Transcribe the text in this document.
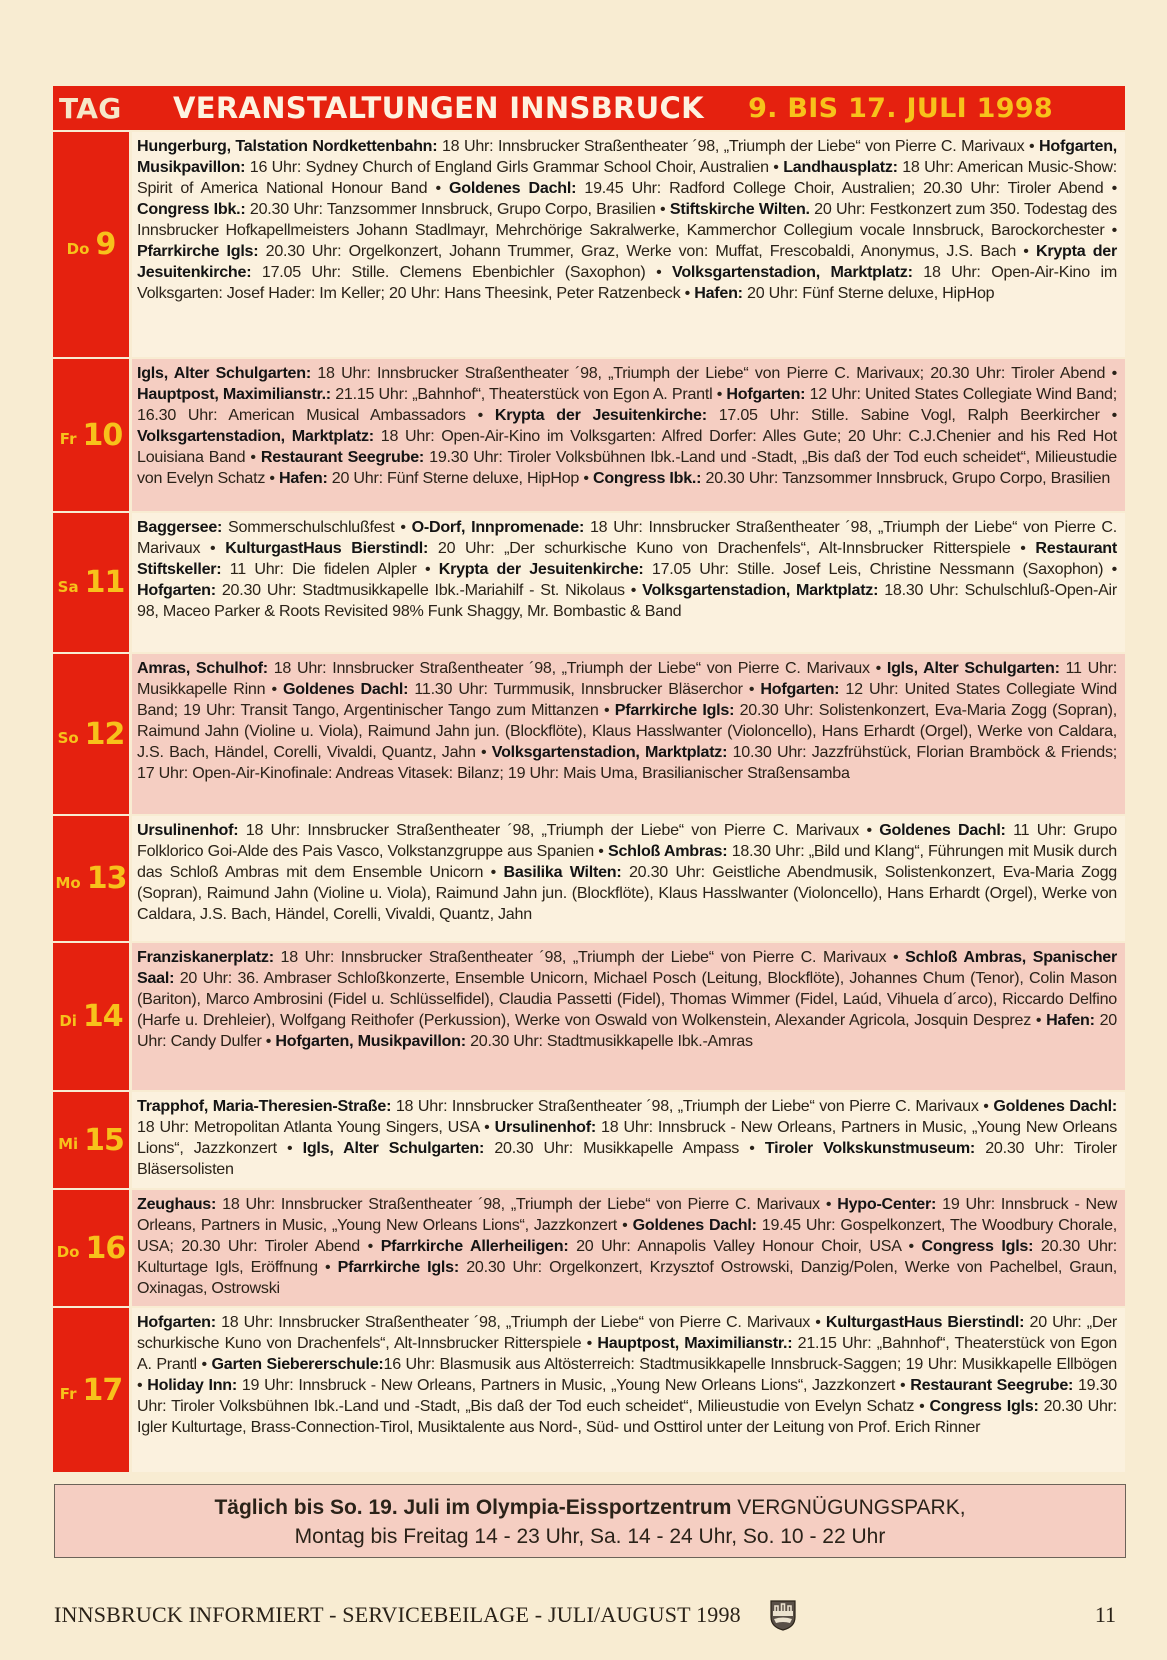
TAG	VERANSTALTUNGEN INNSBRUCK	9. BIS 17. JULI 1998
Do 9
Hungerburg, Talstation Nordkettenbahn: 18 Uhr: Innsbrucker Straßentheater ´98, „Triumph der Liebe“ von Pierre C. Marivaux • Hofgarten, Musikpavillon: 16 Uhr: Sydney Church of England Girls Grammar School Choir, Australien • Landhausplatz: 18 Uhr: American Music-Show: Spirit of America National Honour Band • Goldenes Dachl: 19.45 Uhr: Radford College Choir, Australien; 20.30 Uhr: Tiroler Abend • Congress Ibk.: 20.30 Uhr: Tanzsommer Innsbruck, Grupo Corpo, Brasilien • Stiftskirche Wilten. 20 Uhr: Festkonzert zum 350. Todestag des Innsbrucker Hofkapellmeisters Johann Stadlmayr, Mehrchörige Sakralwerke, Kammerchor Collegium vocale Innsbruck, Barockorchester • Pfarrkirche Igls: 20.30 Uhr: Orgelkonzert, Johann Trummer, Graz, Werke von: Muffat, Frescobaldi, Anonymus, J.S. Bach • Krypta der Jesuitenkirche: 17.05 Uhr: Stille. Clemens Ebenbichler (Saxophon) • Volksgartenstadion, Marktplatz: 18 Uhr: Open-Air-Kino im Volksgarten: Josef Hader: Im Keller; 20 Uhr: Hans Theesink, Peter Ratzenbeck • Hafen: 20 Uhr: Fünf Sterne deluxe, HipHop
Fr 10
Igls, Alter Schulgarten: 18 Uhr: Innsbrucker Straßentheater ´98, „Triumph der Liebe“ von Pierre C. Marivaux; 20.30 Uhr: Tiroler Abend • Hauptpost, Maximilianstr.: 21.15 Uhr: „Bahnhof“, Theaterstück von Egon A. Prantl • Hofgarten: 12 Uhr: United States Collegiate Wind Band; 16.30 Uhr: American Musical Ambassadors • Krypta der Jesuitenkirche: 17.05 Uhr: Stille. Sabine Vogl, Ralph Beerkircher • Volksgartenstadion, Marktplatz: 18 Uhr: Open-Air-Kino im Volksgarten: Alfred Dorfer: Alles Gute; 20 Uhr: C.J.Chenier and his Red Hot Louisiana Band • Restaurant Seegrube: 19.30 Uhr: Tiroler Volksbühnen Ibk.-Land und -Stadt, „Bis daß der Tod euch scheidet“, Milieustudie von Evelyn Schatz • Hafen: 20 Uhr: Fünf Sterne deluxe, HipHop • Congress Ibk.: 20.30 Uhr: Tanzsommer Innsbruck, Grupo Corpo, Brasilien
Sa 11
Baggersee: Sommerschulschlußfest • O-Dorf, Innpromenade: 18 Uhr: Innsbrucker Straßentheater ´98, „Triumph der Liebe“ von Pierre C. Marivaux • KulturgastHaus Bierstindl: 20 Uhr: „Der schurkische Kuno von Drachenfels“, Alt-Innsbrucker Ritterspiele • Restaurant Stiftskeller: 11 Uhr: Die fidelen Alpler • Krypta der Jesuitenkirche: 17.05 Uhr: Stille. Josef Leis, Christine Nessmann (Saxophon) • Hofgarten: 20.30 Uhr: Stadtmusikkapelle Ibk.-Mariahilf - St. Nikolaus • Volksgartenstadion, Marktplatz: 18.30 Uhr: Schulschluß-Open-Air 98, Maceo Parker & Roots Revisited 98% Funk Shaggy, Mr. Bombastic & Band
So 12
Amras, Schulhof: 18 Uhr: Innsbrucker Straßentheater ´98, „Triumph der Liebe“ von Pierre C. Marivaux • Igls, Alter Schulgarten: 11 Uhr: Musikkapelle Rinn • Goldenes Dachl: 11.30 Uhr: Turmmusik, Innsbrucker Bläserchor • Hofgarten: 12 Uhr: United States Collegiate Wind Band; 19 Uhr: Transit Tango, Argentinischer Tango zum Mittanzen • Pfarrkirche Igls: 20.30 Uhr: Solistenkonzert, Eva-Maria Zogg (Sopran), Raimund Jahn (Violine u. Viola), Raimund Jahn jun. (Blockflöte), Klaus Hasslwanter (Violoncello), Hans Erhardt (Orgel), Werke von Caldara, J.S. Bach, Händel, Corelli, Vivaldi, Quantz, Jahn • Volksgartenstadion, Marktplatz: 10.30 Uhr: Jazzfrühstück, Florian Bramböck & Friends; 17 Uhr: Open-Air-Kinofinale: Andreas Vitasek: Bilanz; 19 Uhr: Mais Uma, Brasilianischer Straßensamba
Mo 13
Ursulinenhof: 18 Uhr: Innsbrucker Straßentheater ´98, „Triumph der Liebe“ von Pierre C. Marivaux • Goldenes Dachl: 11 Uhr: Grupo Folklorico Goi-Alde des Pais Vasco, Volkstanzgruppe aus Spanien • Schloß Ambras: 18.30 Uhr: „Bild und Klang“, Führungen mit Musik durch das Schloß Ambras mit dem Ensemble Unicorn • Basilika Wilten: 20.30 Uhr: Geistliche Abendmusik, Solistenkonzert, Eva-Maria Zogg (Sopran), Raimund Jahn (Violine u. Viola), Raimund Jahn jun. (Blockflöte), Klaus Hasslwanter (Violoncello), Hans Erhardt (Orgel), Werke von Caldara, J.S. Bach, Händel, Corelli, Vivaldi, Quantz, Jahn
Di 14
Franziskanerplatz: 18 Uhr: Innsbrucker Straßentheater ´98, „Triumph der Liebe“ von Pierre C. Marivaux • Schloß Ambras, Spanischer Saal: 20 Uhr: 36. Ambraser Schloßkonzerte, Ensemble Unicorn, Michael Posch (Leitung, Blockflöte), Johannes Chum (Tenor), Colin Mason (Bariton), Marco Ambrosini (Fidel u. Schlüsselfidel), Claudia Passetti (Fidel), Thomas Wimmer (Fidel, Laúd, Vihuela d´arco), Riccardo Delfino (Harfe u. Drehleier), Wolfgang Reithofer (Perkussion), Werke von Oswald von Wolkenstein, Alexander Agricola, Josquin Desprez • Hafen: 20 Uhr: Candy Dulfer • Hofgarten, Musikpavillon: 20.30 Uhr: Stadtmusikkapelle Ibk.-Amras
Mi 15
Trapphof, Maria-Theresien-Straße: 18 Uhr: Innsbrucker Straßentheater ´98, „Triumph der Liebe“ von Pierre C. Marivaux • Goldenes Dachl: 18 Uhr: Metropolitan Atlanta Young Singers, USA • Ursulinenhof: 18 Uhr: Innsbruck - New Orleans, Partners in Music, „Young New Orleans Lions“, Jazzkonzert • Igls, Alter Schulgarten: 20.30 Uhr: Musikkapelle Ampass • Tiroler Volkskunstmuseum: 20.30 Uhr: Tiroler Bläsersolisten
Do 16
Zeughaus: 18 Uhr: Innsbrucker Straßentheater ´98, „Triumph der Liebe“ von Pierre C. Marivaux • Hypo-Center: 19 Uhr: Innsbruck - New Orleans, Partners in Music, „Young New Orleans Lions“, Jazzkonzert • Goldenes Dachl: 19.45 Uhr: Gospelkonzert, The Woodbury Chorale, USA; 20.30 Uhr: Tiroler Abend • Pfarrkirche Allerheiligen: 20 Uhr: Annapolis Valley Honour Choir, USA • Congress Igls: 20.30 Uhr: Kulturtage Igls, Eröffnung • Pfarrkirche Igls: 20.30 Uhr: Orgelkonzert, Krzysztof Ostrowski, Danzig/Polen, Werke von Pachelbel, Graun, Oxinagas, Ostrowski
Fr 17
Hofgarten: 18 Uhr: Innsbrucker Straßentheater ´98, „Triumph der Liebe“ von Pierre C. Marivaux • KulturgastHaus Bierstindl: 20 Uhr: „Der schurkische Kuno von Drachenfels“, Alt-Innsbrucker Ritterspiele • Hauptpost, Maximilianstr.: 21.15 Uhr: „Bahnhof“, Theaterstück von Egon A. Prantl • Garten Siebererschule:16 Uhr: Blasmusik aus Altösterreich: Stadtmusikkapelle Innsbruck-Saggen; 19 Uhr: Musikkapelle Ellbögen • Holiday Inn: 19 Uhr: Innsbruck - New Orleans, Partners in Music, „Young New Orleans Lions“, Jazzkonzert • Restaurant Seegrube: 19.30 Uhr: Tiroler Volksbühnen Ibk.-Land und -Stadt, „Bis daß der Tod euch scheidet“, Milieustudie von Evelyn Schatz • Congress Igls: 20.30 Uhr: Igler Kulturtage, Brass-Connection-Tirol, Musiktalente aus Nord-, Süd- und Osttirol unter der Leitung von Prof. Erich Rinner
Täglich bis So. 19. Juli im Olympia-Eissportzentrum VERGNÜGUNGSPARK,
Montag bis Freitag 14 - 23 Uhr, Sa. 14 - 24 Uhr, So. 10 - 22 Uhr
INNSBRUCK INFORMIERT - SERVICEBEILAGE - JULI/AUGUST 1998	11
